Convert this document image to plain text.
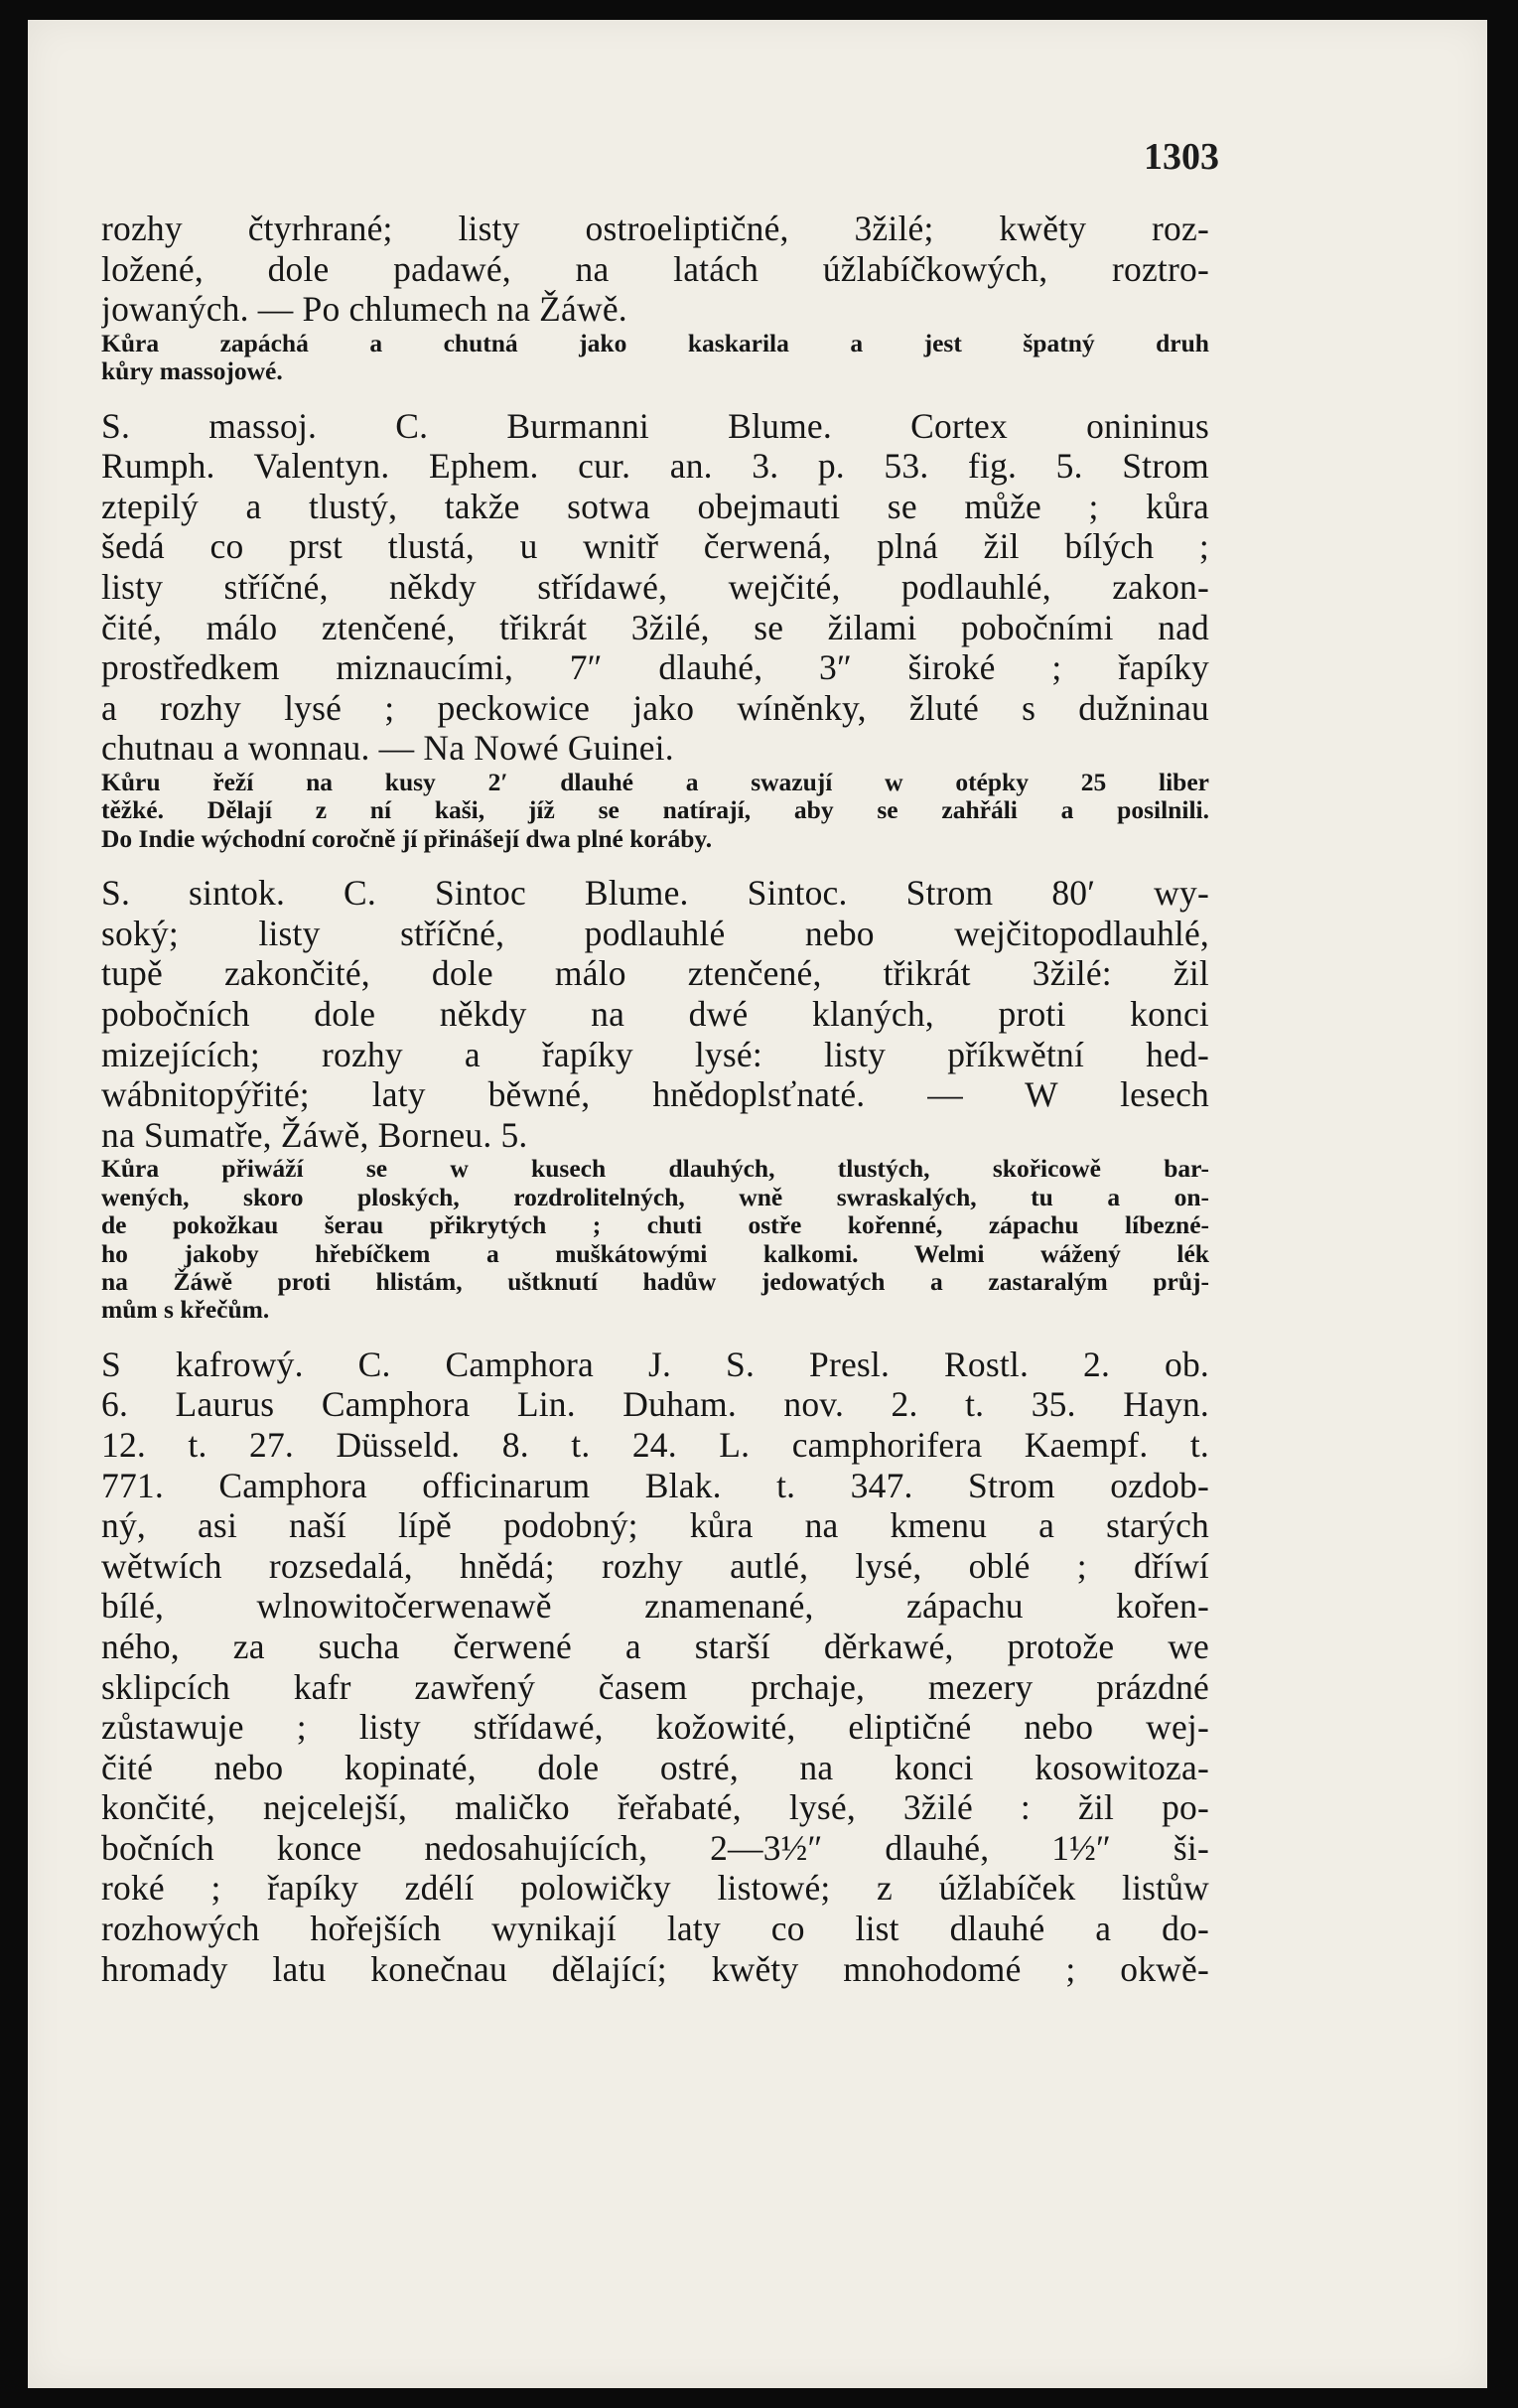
1303
rozhy čtyrhrané; listy ostroeliptičné, 3žilé; kwěty roz-
ložené, dole padawé, na latách úžlabíčkowých, roztro-
jowaných. — Po chlumech na Žáwě.
Kůra zapáchá a chutná jako kaskarila a jest špatný druh
kůry massojowé.
S. massoj. C. Burmanni Blume. Cortex onininus
Rumph. Valentyn. Ephem. cur. an. 3. p. 53. fig. 5. Strom
ztepilý a tlustý, takže sotwa obejmauti se může ; kůra
šedá co prst tlustá, u wnitř čerwená, plná žil bílých ;
listy stříčné, někdy střídawé, wejčité, podlauhlé, zakon-
čité, málo ztenčené, třikrát 3žilé, se žilami pobočními nad
prostředkem miznaucími, 7″ dlauhé, 3″ široké ; řapíky
a rozhy lysé ; peckowice jako wíněnky, žluté s dužninau
chutnau a wonnau. — Na Nowé Guinei.
Kůru řeží na kusy 2′ dlauhé a swazují w otépky 25 liber
těžké. Dělají z ní kaši, jíž se natírají, aby se zahřáli a posilnili.
Do Indie wýchodní coročně jí přinášejí dwa plné koráby.
S. sintok. C. Sintoc Blume. Sintoc. Strom 80′ wy-
soký; listy stříčné, podlauhlé nebo wejčitopodlauhlé,
tupě zakončité, dole málo ztenčené, třikrát 3žilé: žil
pobočních dole někdy na dwé klaných, proti konci
mizejících; rozhy a řapíky lysé: listy příkwětní hed-
wábnitopýřité; laty běwné, hnědoplsťnaté. — W lesech
na Sumatře, Žáwě, Borneu. 5.
Kůra přiwáží se w kusech dlauhých, tlustých, skořicowě bar-
wených, skoro ploských, rozdrolitelných, wně swraskalých, tu a on-
de pokožkau šerau přikrytých ; chuti ostře kořenné, zápachu líbezné-
ho jakoby hřebíčkem a muškátowými kalkomi. Welmi wážený lék
na Žáwě proti hlistám, uštknutí hadůw jedowatých a zastaralým průj-
mům s křečům.
S kafrowý. C. Camphora J. S. Presl. Rostl. 2. ob.
6. Laurus Camphora Lin. Duham. nov. 2. t. 35. Hayn.
12. t. 27. Düsseld. 8. t. 24. L. camphorifera Kaempf. t.
771. Camphora officinarum Blak. t. 347. Strom ozdob-
ný, asi naší lípě podobný; kůra na kmenu a starých
wětwích rozsedalá, hnědá; rozhy autlé, lysé, oblé ; dříwí
bílé, wlnowitočerwenawě znamenané, zápachu kořen-
ného, za sucha čerwené a starší děrkawé, protože we
sklipcích kafr zawřený časem prchaje, mezery prázdné
zůstawuje ; listy střídawé, kožowité, eliptičné nebo wej-
čité nebo kopinaté, dole ostré, na konci kosowitoza-
končité, nejcelejší, maličko řeřabaté, lysé, 3žilé : žil po-
bočních konce nedosahujících, 2—3½″ dlauhé, 1½″ ši-
roké ; řapíky zdélí polowičky listowé; z úžlabíček listůw
rozhowých hořejších wynikají laty co list dlauhé a do-
hromady latu konečnau dělající; kwěty mnohodomé ; okwě-
